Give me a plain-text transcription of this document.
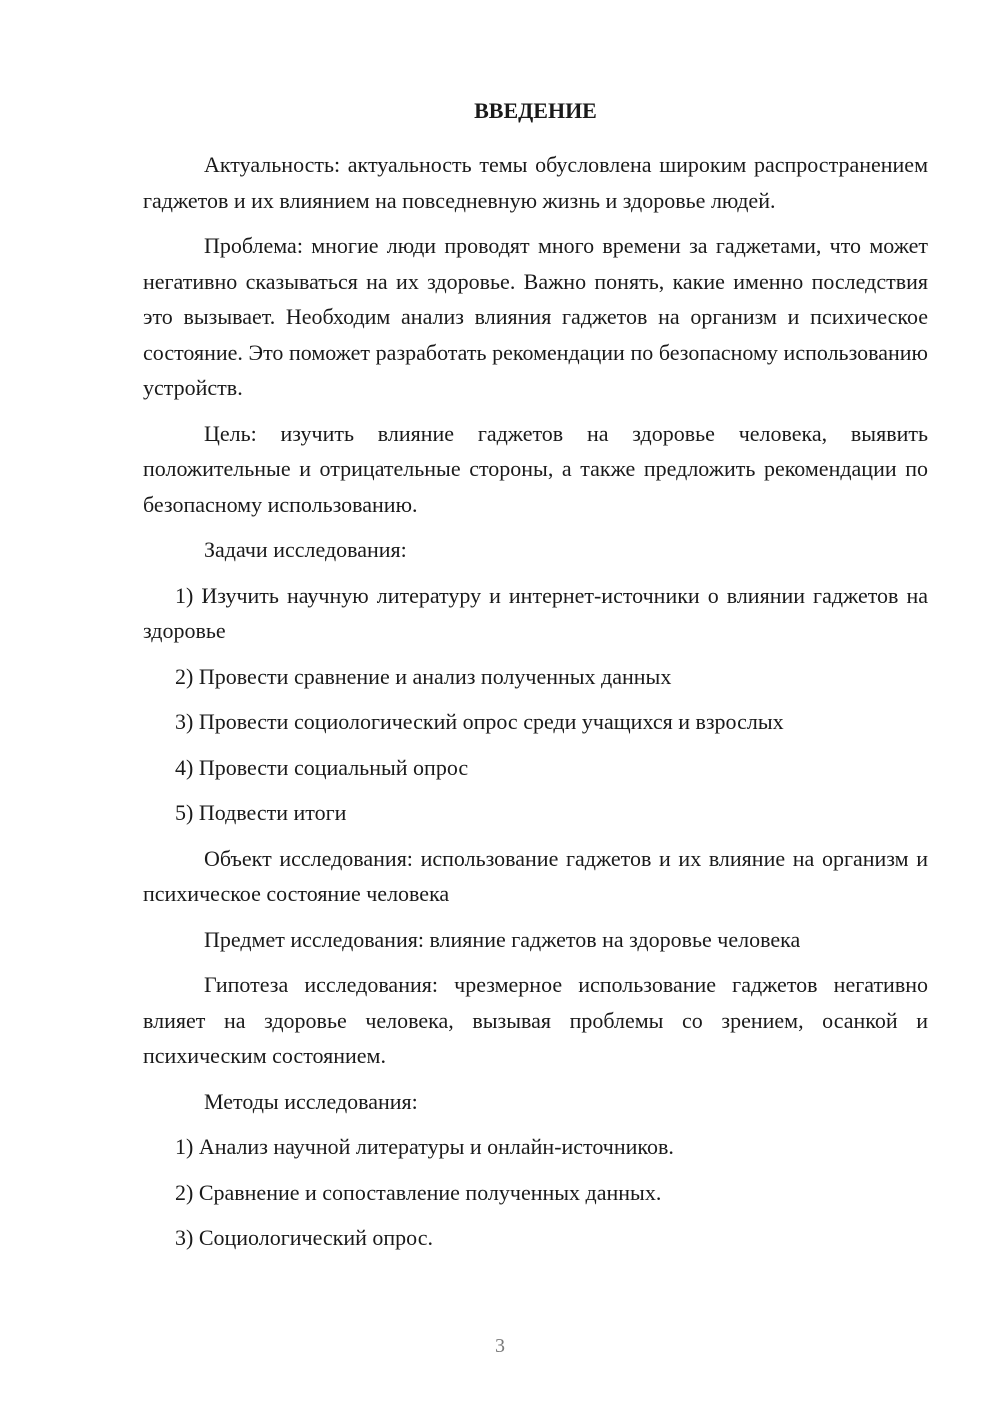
ВВЕДЕНИЕ

Актуальность: актуальность темы обусловлена широким распространением гаджетов и их влиянием на повседневную жизнь и здоровье людей.

Проблема: многие люди проводят много времени за гаджетами, что может негативно сказываться на их здоровье. Важно понять, какие именно последствия это вызывает. Необходим анализ влияния гаджетов на организм и психическое состояние. Это поможет разработать рекомендации по безопасному использованию устройств.

Цель: изучить влияние гаджетов на здоровье человека, выявить положительные и отрицательные стороны, а также предложить рекомендации по безопасному использованию.

Задачи исследования:

1) Изучить научную литературу и интернет-источники о влиянии гаджетов на здоровье

2) Провести сравнение и анализ полученных данных

3) Провести социологический опрос среди учащихся и взрослых

4) Провести социальный опрос

5) Подвести итоги

Объект исследования: использование гаджетов и их влияние на организм и психическое состояние человека

Предмет исследования: влияние гаджетов на здоровье человека

Гипотеза исследования: чрезмерное использование гаджетов негативно влияет на здоровье человека, вызывая проблемы со зрением, осанкой и психическим состоянием.

Методы исследования:

1) Анализ научной литературы и онлайн-источников.

2) Сравнение и сопоставление полученных данных.

3) Социологический опрос.

3
